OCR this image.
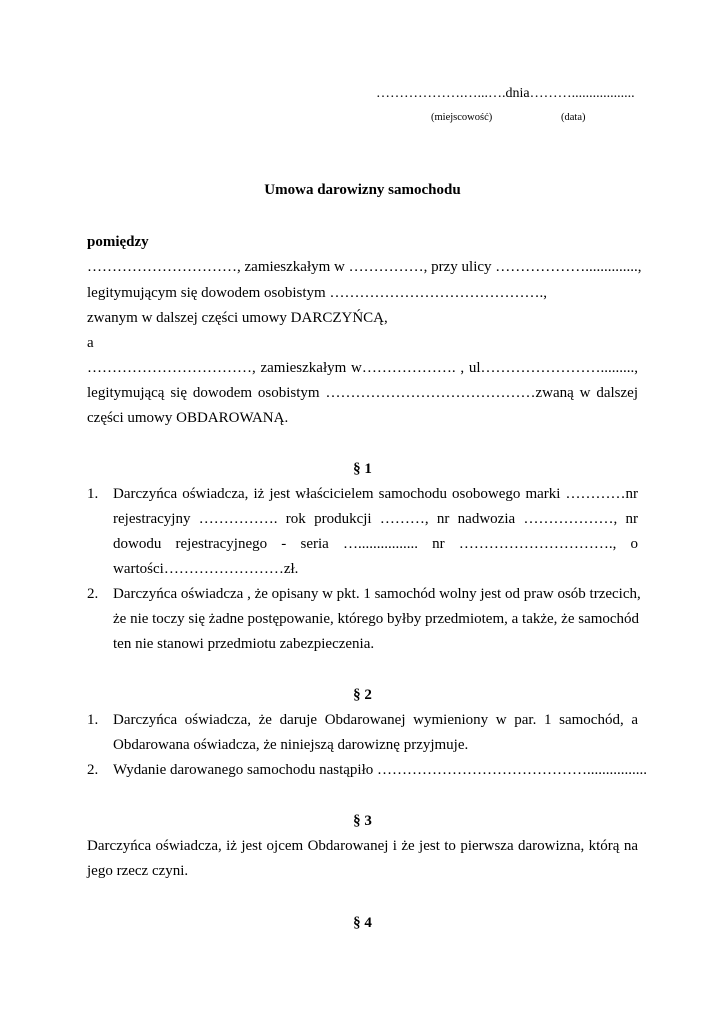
……………….…...….dnia………..................
(miejscowość)	(data)
Umowa darowizny samochodu
pomiędzy
…………………………, zamieszkałym w ……………, przy ulicy ………………..............,
legitymującym się dowodem osobistym …………………………………….,
zwanym w dalszej części umowy DARCZYŃCĄ,
a
……………………………, zamieszkałym w………………. , ul…………………….........,
legitymującą się dowodem osobistym ……………………………………zwaną w dalszej
części umowy OBDAROWANĄ.
§ 1
1. Darczyńca oświadcza, iż jest właścicielem samochodu osobowego marki …………nr
rejestracyjny ……………. rok produkcji ………, nr nadwozia ………………, nr
dowodu rejestracyjnego - seria …................ nr …………………………., o
wartości……………………zł.
2. Darczyńca oświadcza , że opisany w pkt. 1 samochód wolny jest od praw osób trzecich,
że nie toczy się żadne postępowanie, którego byłby przedmiotem, a także, że samochód
ten nie stanowi przedmiotu zabezpieczenia.
§ 2
1. Darczyńca oświadcza, że daruje Obdarowanej wymieniony w par. 1 samochód, a
Obdarowana oświadcza, że niniejszą darowiznę przyjmuje.
2. Wydanie darowanego samochodu nastąpiło ……………………………………................
§ 3
Darczyńca oświadcza, iż jest ojcem Obdarowanej i że jest to pierwsza darowizna, którą na
jego rzecz czyni.
§ 4
